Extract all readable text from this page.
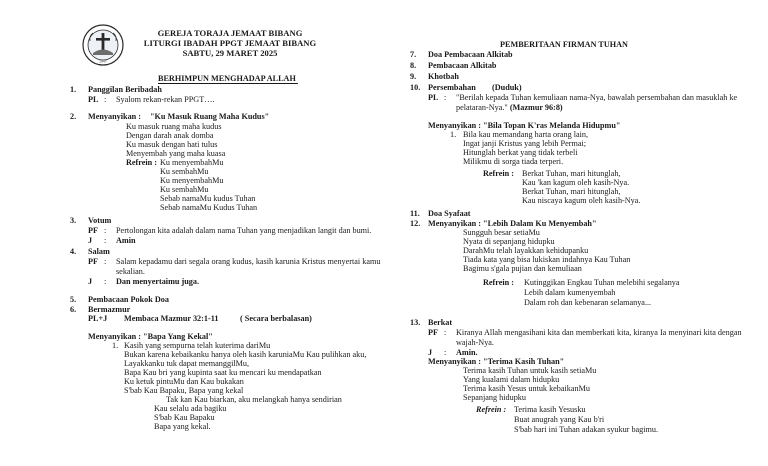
1947
GEREJA TORAJA JEMAAT BIBANG
LITURGI IBADAH PPGT JEMAAT BIBANG
SABTU, 29 MARET 2025
BERHIMPUN MENGHADAP ALLAH
1. Panggilan Beribadah
PL : Syalom rekan-rekan PPGT….
2. Menyanyikan : "Ku Masuk Ruang Maha Kudus"
Ku masuk ruang maha kudus
Dengan darah anak domba
Ku masuk dengan hati tulus
Menyembah yang maha kuasa
Refrein : Ku menyembahMu
Ku sembahMu
Ku menyembahMu
Ku sembahMu
Sebab namaMu kudus Tuhan
Sebab namaMu Kudus Tuhan
3. Votum
PF : Pertolongan kita adalah dalam nama Tuhan yang menjadikan langit dan bumi.
J : Amin
4. Salam
PF : Salam kepadamu dari segala orang kudus, kasih karunia Kristus menyertai kamu sekalian.
J : Dan menyertaimu juga.
5. Pembacaan Pokok Doa
6. Bermazmur
PL+J Membaca Mazmur 32:1-11	( Secara berbalasan)
Menyanyikan : "Bapa Yang Kekal"
1. Kasih yang sempurna telah kuterima dariMu
Bukan karena kebaikanku hanya oleh kasih karuniaMu Kau pulihkan aku,
Layakkanku tuk dapat memanggilMu,
Bapa Kau bri yang kupinta saat ku mencari ku mendapatkan
Ku ketuk pintuMu dan Kau bukakan
S'bab Kau Bapaku, Bapa yang kekal
Tak kan Kau biarkan, aku melangkah hanya sendirian
Kau selalu ada bagiku
S'bab Kau Bapaku
Bapa yang kekal.
PEMBERITAAN FIRMAN TUHAN
7. Doa Pembacaan Alkitab
8. Pembacaan Alkitab
9. Khotbah
10. Persembahan (Duduk)
PL : "Berilah kepada Tuhan kemuliaan nama-Nya, bawalah persembahan dan masuklah ke pelataran-Nya." (Mazmur 96:8)
Menyanyikan : "Bila Topan K'ras Melanda Hidupmu"
1. Bila kau memandang harta orang lain,
Ingat janji Kristus yang lebih Permai;
Hitunglah berkat yang tidak terbeli
Milikmu di sorga tiada terperi.
Refrein : Berkat Tuhan, mari hitunglah,
Kau 'kan kagum oleh kasih-Nya.
Berkat Tuhan, mari hitunglah,
Kau niscaya kagum oleh kasih-Nya.
11. Doa Syafaat
12. Menyanyikan : "Lebih Dalam Ku Menyembah"
Sungguh besar setiaMu
Nyata di sepanjang hidupku
DarahMu telah layakkan kehidupanku
Tiada kata yang bisa lukiskan indahnya Kau Tuhan
Bagimu s'gala pujian dan kemuliaan
Refrein : Kutinggikan Engkau Tuhan melebihi segalanya
Lebih dalam kumenyembah
Dalam roh dan kebenaran selamanya...
13. Berkat
PF : Kiranya Allah mengasihani kita dan memberkati kita, kiranya Ia menyinari kita dengan wajah-Nya.
J : Amin.
Menyanyikan : "Terima Kasih Tuhan"
Terima kasih Tuhan untuk kasih setiaMu
Yang kualami dalam hidupku
Terima kasih Yesus untuk kebaikanMu
Sepanjang hidupku
Refrein : Terima kasih Yesusku
Buat anugrah yang Kau b'ri
S'bab hari ini Tuhan adakan syukur bagimu.
